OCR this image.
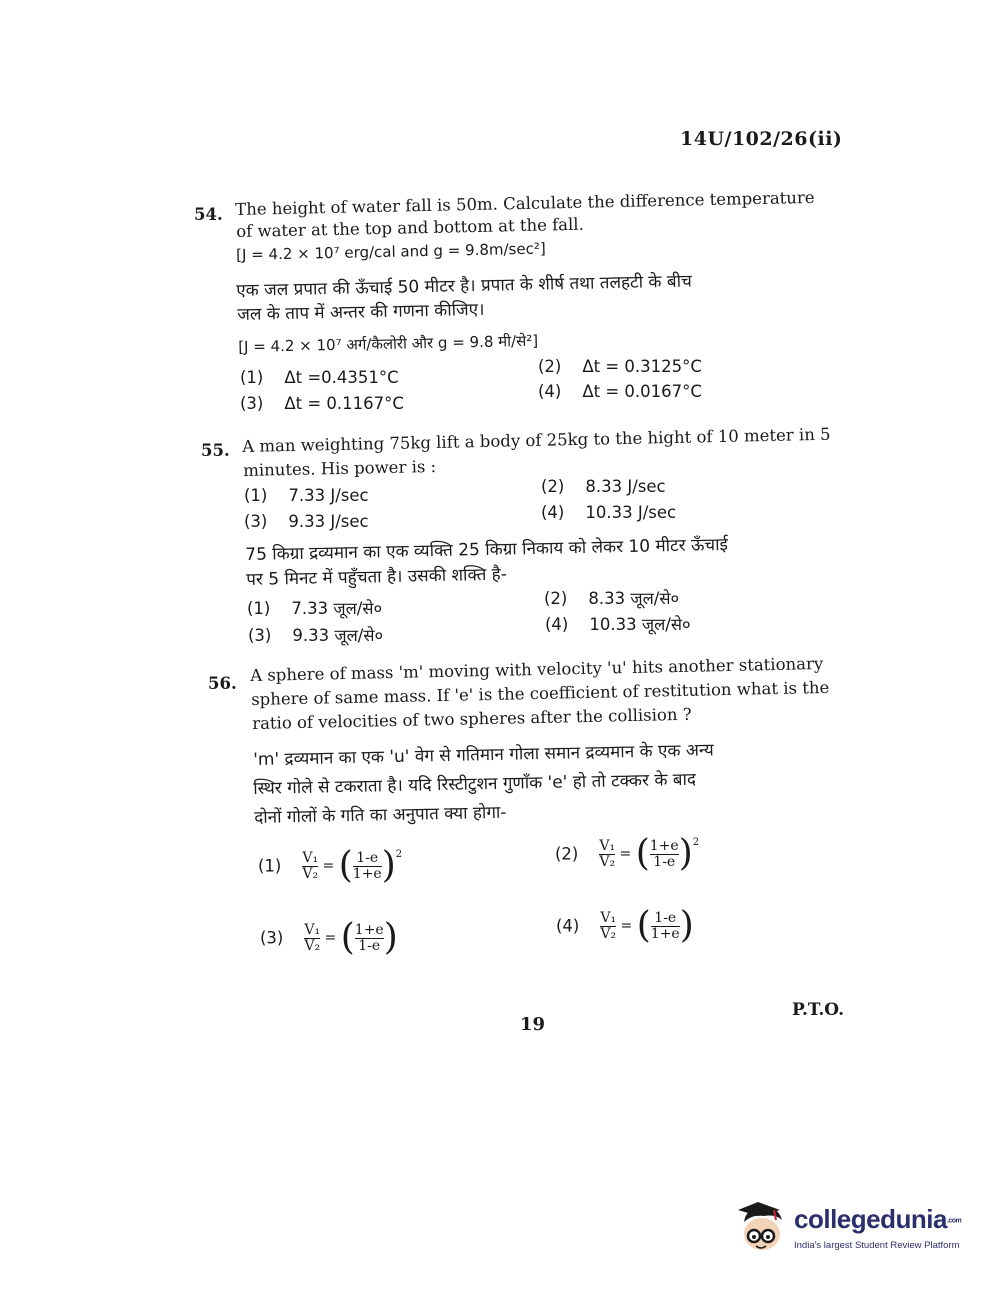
14U/102/26(ii)
54. The height of water fall is 50m. Calculate the difference temperature
of water at the top and bottom at the fall.
[J = 4.2 × 10⁷ erg/cal and g = 9.8m/sec²]
एक जल प्रपात की ऊँचाई 50 मीटर है। प्रपात के शीर्ष तथा तलहटी के बीच
जल के ताप में अन्तर की गणना कीजिए।
[J = 4.2 × 10⁷ अर्ग/कैलोरी और g = 9.8 मी/से²]
(1) Δt =0.4351°C
(2) Δt = 0.3125°C
(3) Δt = 0.1167°C
(4) Δt = 0.0167°C
55. A man weighting 75kg lift a body of 25kg to the hight of 10 meter in 5
minutes. His power is :
(1) 7.33 J/sec	(2) 8.33 J/sec
(3) 9.33 J/sec	(4) 10.33 J/sec
75 किग्रा द्रव्यमान का एक व्यक्ति 25 किग्रा निकाय को लेकर 10 मीटर ऊँचाई
पर 5 मिनट में पहुँचता है। उसकी शक्ति है-
(1) 7.33 जूल/से०
(2) 8.33 जूल/से०
(3) 9.33 जूल/से०
(4) 10.33 जूल/से०
56. A sphere of mass 'm' moving with velocity 'u' hits another stationary
sphere of same mass. If 'e' is the coefficient of restitution what is the
ratio of velocities of two spheres after the collision ?
'm' द्रव्यमान का एक 'u' वेग से गतिमान गोला समान द्रव्यमान के एक अन्य
स्थिर गोले से टकराता है। यदि रिस्टीटुशन गुणाँक 'e' हो तो टक्कर के बाद
दोनों गोलों के गति का अनुपात क्या होगा-
(1) V₁
V₂ = ( 1-e
1+e ) 2	(2) V₁
V₂ = ( 1+e
1-e ) 2
(3) V₁
V₂ = ( 1+e
1-e )	(4) V₁
V₂ = ( 1-e
1+e )
19
P.T.O.
collegedunia.com
India's largest Student Review Platform
